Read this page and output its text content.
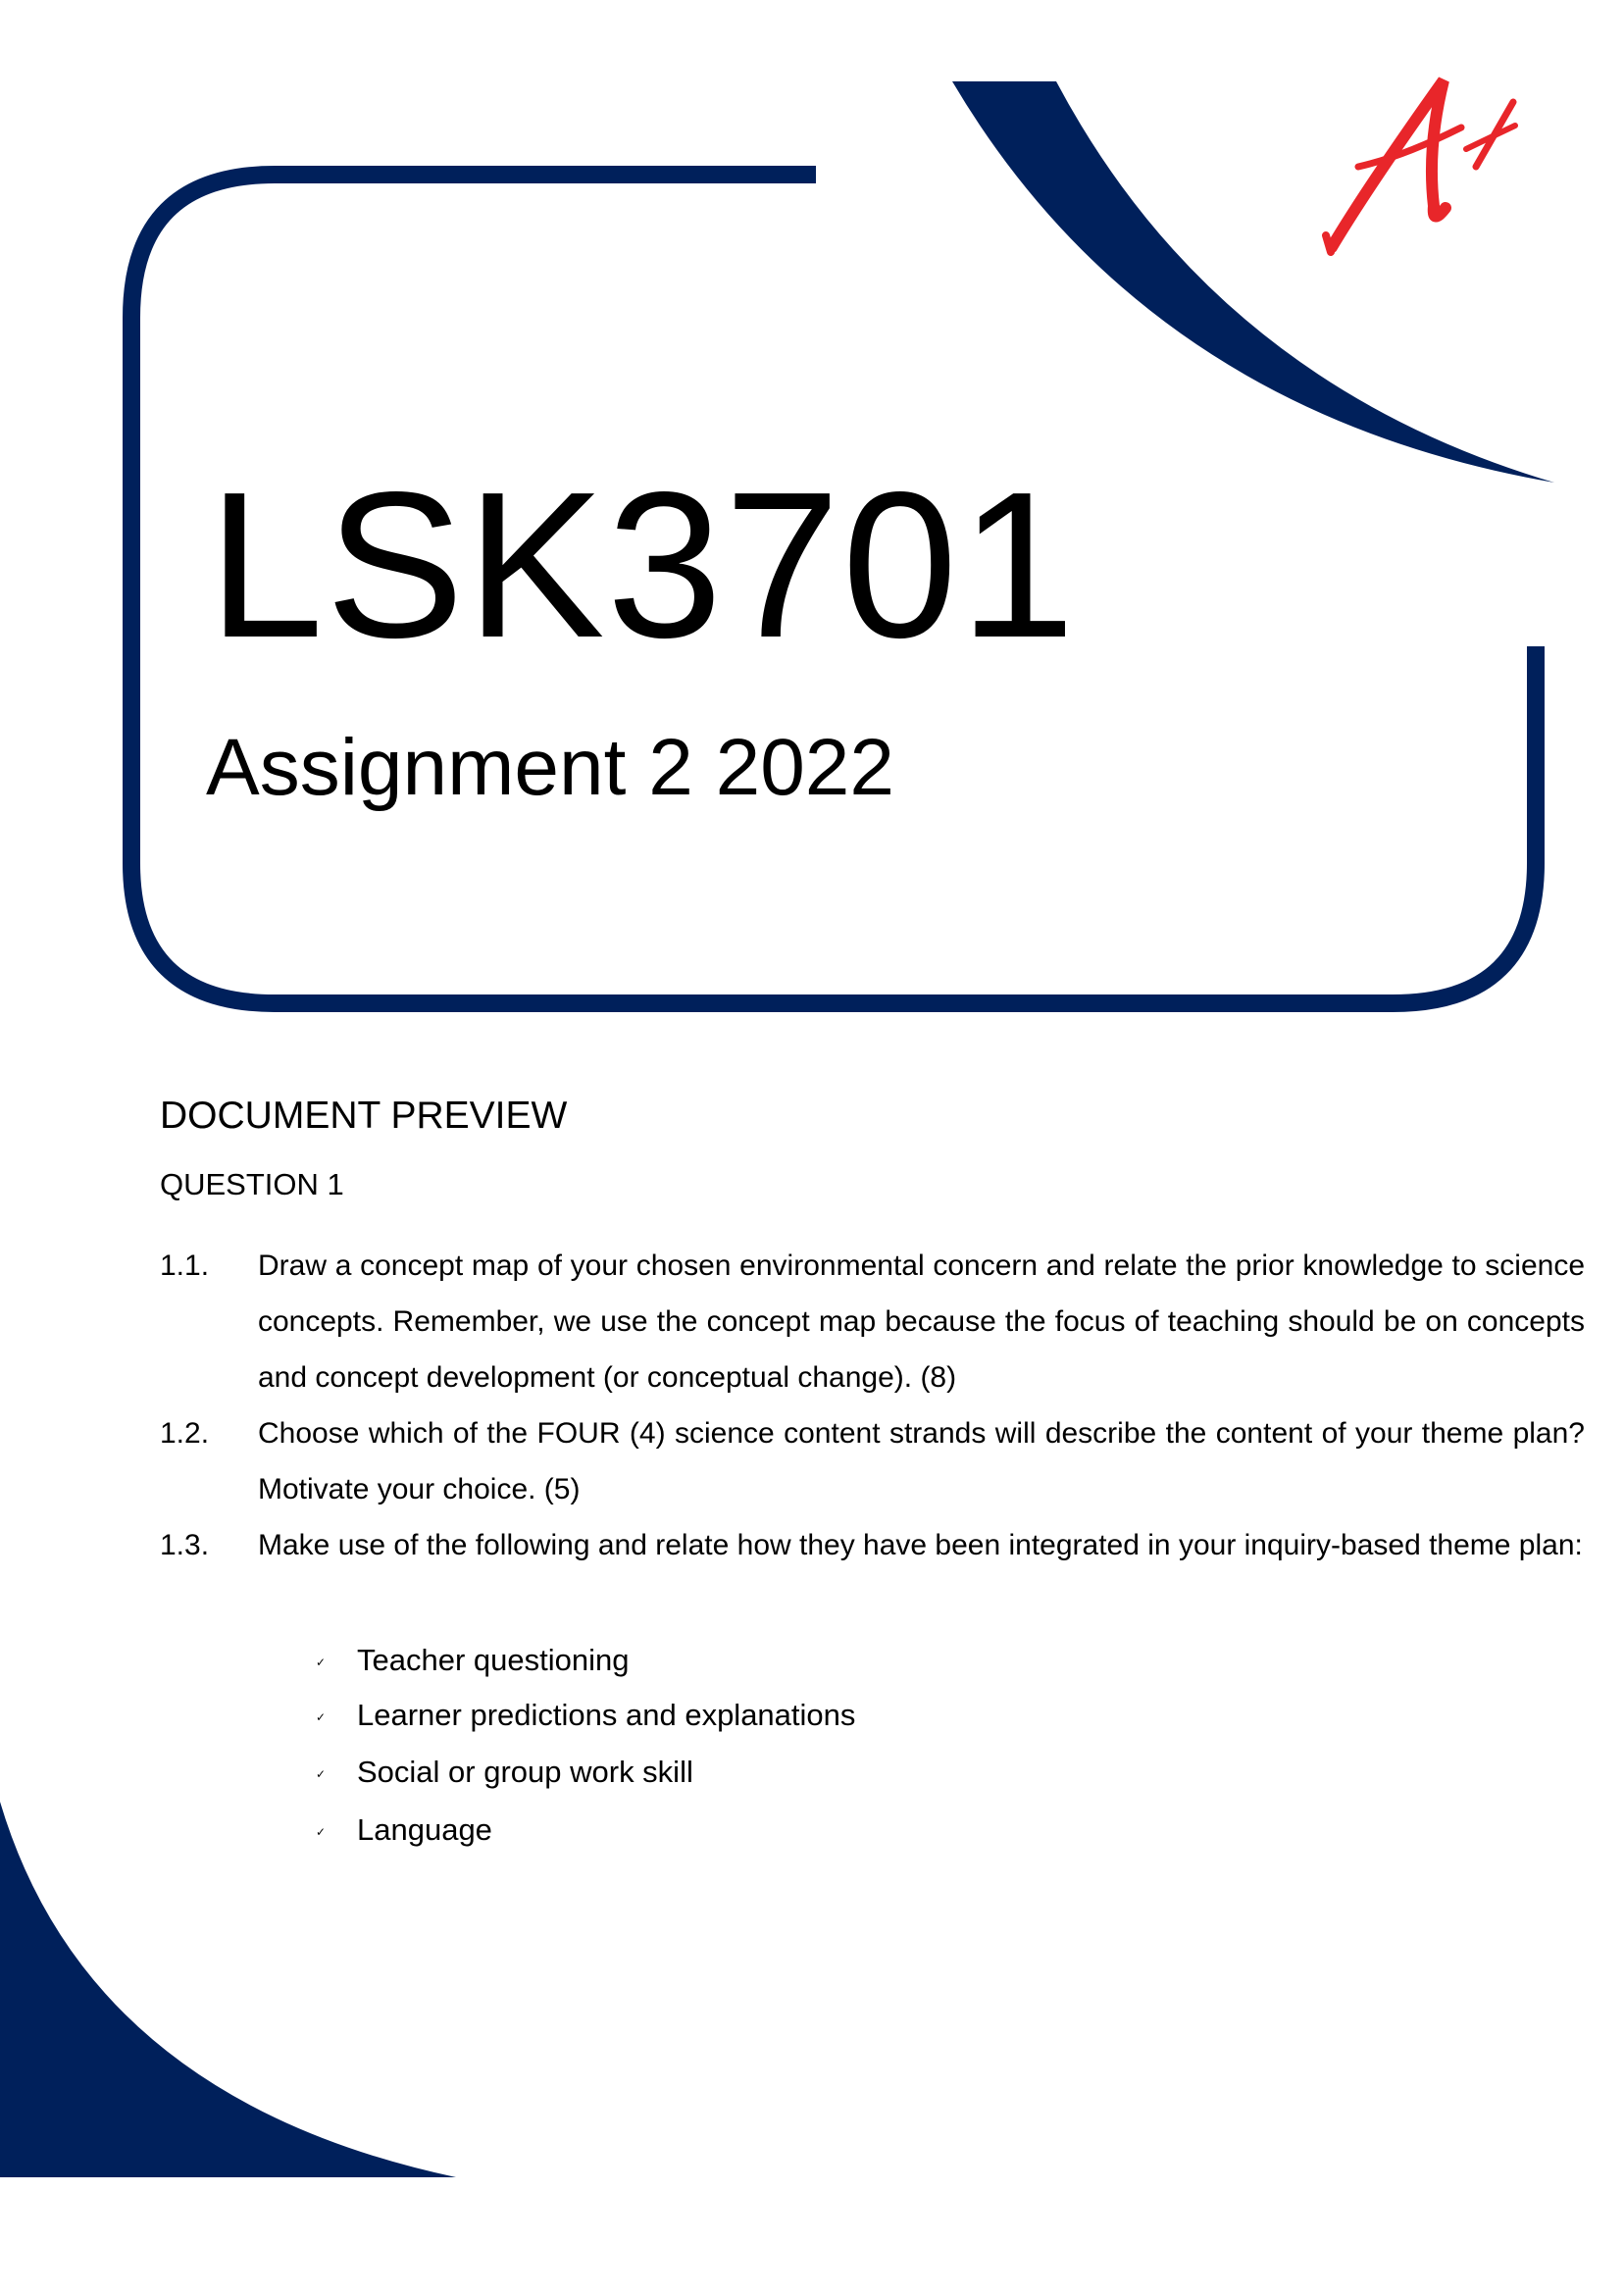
LSK3701
Assignment 2 2022
DOCUMENT PREVIEW
QUESTION 1
1.1. Draw a concept map of your chosen environmental concern and relate the prior knowledge to science concepts. Remember, we use the concept map because the focus of teaching should be on concepts and concept development (or conceptual change). (8)
1.2. Choose which of the FOUR (4) science content strands will describe the content of your theme plan? Motivate your choice. (5)
1.3. Make use of the following and relate how they have been integrated in your inquiry-based theme plan:
✓ Teacher questioning
✓ Learner predictions and explanations
✓ Social or group work skill
✓ Language
